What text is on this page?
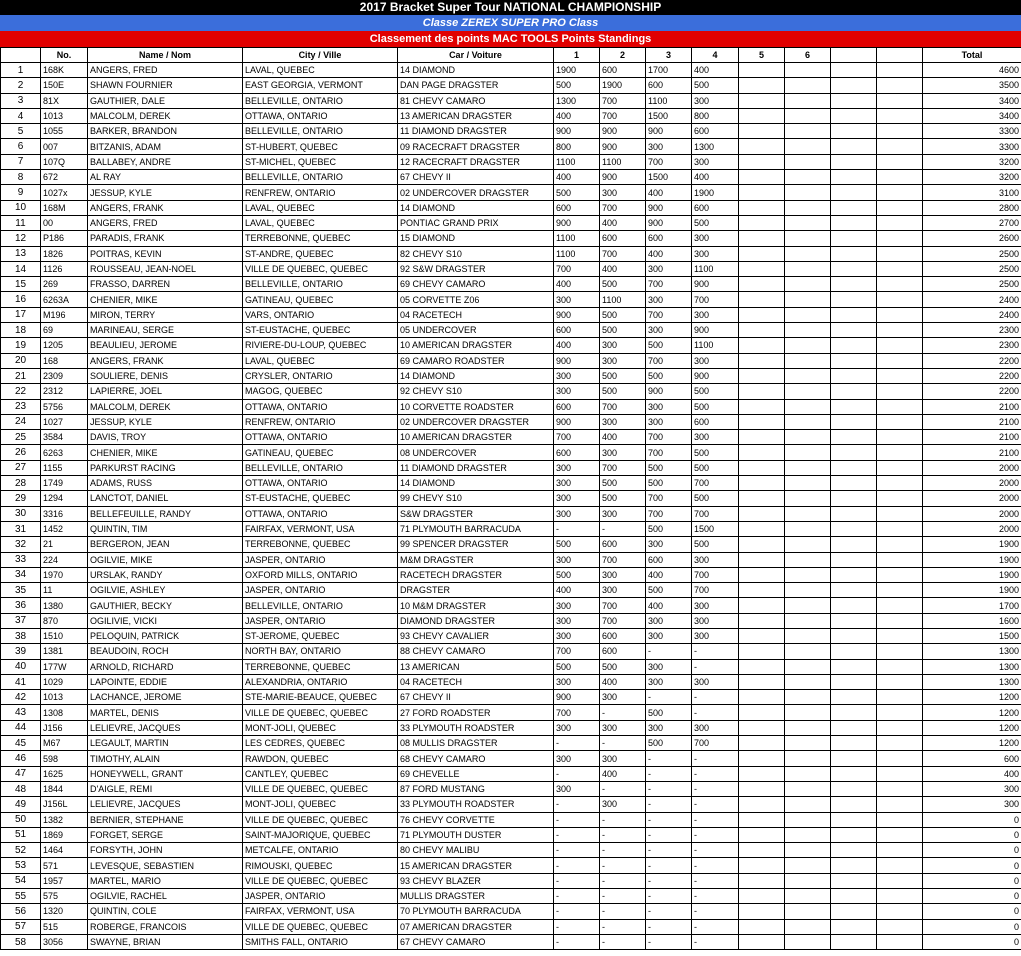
2017 Bracket Super Tour NATIONAL CHAMPIONSHIP
Classe ZEREX SUPER PRO Class
Classement des points MAC TOOLS Points Standings
	No.	Name / Nom	City / Ville	Car / Voiture	1	2	3	4	5	6			Total
1	168K	ANGERS, FRED	LAVAL, QUEBEC	14 DIAMOND	1900	600	1700	400					4600
2	150E	SHAWN FOURNIER	EAST GEORGIA, VERMONT	DAN PAGE DRAGSTER	500	1900	600	500					3500
3	81X	GAUTHIER, DALE	BELLEVILLE, ONTARIO	81 CHEVY CAMARO	1300	700	1100	300					3400
4	1013	MALCOLM, DEREK	OTTAWA, ONTARIO	13 AMERICAN DRAGSTER	400	700	1500	800					3400
5	1055	BARKER, BRANDON	BELLEVILLE, ONTARIO	11 DIAMOND DRAGSTER	900	900	900	600					3300
6	007	BITZANIS, ADAM	ST-HUBERT, QUEBEC	09 RACECRAFT DRAGSTER	800	900	300	1300					3300
7	107Q	BALLABEY, ANDRE	ST-MICHEL, QUEBEC	12 RACECRAFT DRAGSTER	1100	1100	700	300					3200
8	672	AL RAY	BELLEVILLE, ONTARIO	67 CHEVY II	400	900	1500	400					3200
9	1027x	JESSUP, KYLE	RENFREW, ONTARIO	02 UNDERCOVER DRAGSTER	500	300	400	1900					3100
10	168M	ANGERS, FRANK	LAVAL, QUEBEC	14 DIAMOND	600	700	900	600					2800
11	00	ANGERS, FRED	LAVAL, QUEBEC	PONTIAC GRAND PRIX	900	400	900	500					2700
12	P186	PARADIS, FRANK	TERREBONNE, QUEBEC	15 DIAMOND	1100	600	600	300					2600
13	1826	POITRAS, KEVIN	ST-ANDRE, QUEBEC	82 CHEVY S10	1100	700	400	300					2500
14	1126	ROUSSEAU, JEAN-NOEL	VILLE DE QUEBEC, QUEBEC	92 S&W DRAGSTER	700	400	300	1100					2500
15	269	FRASSO, DARREN	BELLEVILLE, ONTARIO	69 CHEVY CAMARO	400	500	700	900					2500
16	6263A	CHENIER, MIKE	GATINEAU, QUEBEC	05 CORVETTE Z06	300	1100	300	700					2400
17	M196	MIRON, TERRY	VARS, ONTARIO	04 RACETECH	900	500	700	300					2400
18	69	MARINEAU, SERGE	ST-EUSTACHE, QUEBEC	05 UNDERCOVER	600	500	300	900					2300
19	1205	BEAULIEU, JEROME	RIVIERE-DU-LOUP, QUEBEC	10 AMERICAN DRAGSTER	400	300	500	1100					2300
20	168	ANGERS, FRANK	LAVAL, QUEBEC	69 CAMARO ROADSTER	900	300	700	300					2200
21	2309	SOULIERE, DENIS	CRYSLER, ONTARIO	14 DIAMOND	300	500	500	900					2200
22	2312	LAPIERRE, JOEL	MAGOG, QUEBEC	92 CHEVY S10	300	500	900	500					2200
23	5756	MALCOLM, DEREK	OTTAWA, ONTARIO	10 CORVETTE ROADSTER	600	700	300	500					2100
24	1027	JESSUP, KYLE	RENFREW, ONTARIO	02 UNDERCOVER DRAGSTER	900	300	300	600					2100
25	3584	DAVIS, TROY	OTTAWA, ONTARIO	10 AMERICAN DRAGSTER	700	400	700	300					2100
26	6263	CHENIER, MIKE	GATINEAU, QUEBEC	08 UNDERCOVER	600	300	700	500					2100
27	1155	PARKURST RACING	BELLEVILLE, ONTARIO	11 DIAMOND DRAGSTER	300	700	500	500					2000
28	1749	ADAMS, RUSS	OTTAWA, ONTARIO	14 DIAMOND	300	500	500	700					2000
29	1294	LANCTOT, DANIEL	ST-EUSTACHE, QUEBEC	99 CHEVY S10	300	500	700	500					2000
30	3316	BELLEFEUILLE, RANDY	OTTAWA, ONTARIO	S&W DRAGSTER	300	300	700	700					2000
31	1452	QUINTIN, TIM	FAIRFAX, VERMONT, USA	71 PLYMOUTH BARRACUDA	-	-	500	1500					2000
32	21	BERGERON, JEAN	TERREBONNE, QUEBEC	99 SPENCER DRAGSTER	500	600	300	500					1900
33	224	OGILVIE, MIKE	JASPER, ONTARIO	M&M DRAGSTER	300	700	600	300					1900
34	1970	URSLAK, RANDY	OXFORD MILLS, ONTARIO	RACETECH DRAGSTER	500	300	400	700					1900
35	11	OGILVIE, ASHLEY	JASPER, ONTARIO	DRAGSTER	400	300	500	700					1900
36	1380	GAUTHIER, BECKY	BELLEVILLE, ONTARIO	10 M&M DRAGSTER	300	700	400	300					1700
37	870	OGILIVIE, VICKI	JASPER, ONTARIO	DIAMOND DRAGSTER	300	700	300	300					1600
38	1510	PELOQUIN, PATRICK	ST-JEROME, QUEBEC	93 CHEVY CAVALIER	300	600	300	300					1500
39	1381	BEAUDOIN, ROCH	NORTH BAY, ONTARIO	88 CHEVY CAMARO	700	600	-	-					1300
40	177W	ARNOLD, RICHARD	TERREBONNE, QUEBEC	13 AMERICAN	500	500	300	-					1300
41	1029	LAPOINTE, EDDIE	ALEXANDRIA, ONTARIO	04 RACETECH	300	400	300	300					1300
42	1013	LACHANCE, JEROME	STE-MARIE-BEAUCE, QUEBEC	67 CHEVY II	900	300	-	-					1200
43	1308	MARTEL, DENIS	VILLE DE QUEBEC, QUEBEC	27 FORD ROADSTER	700	-	500	-					1200
44	J156	LELIEVRE, JACQUES	MONT-JOLI, QUEBEC	33 PLYMOUTH ROADSTER	300	300	300	300					1200
45	M67	LEGAULT, MARTIN	LES CEDRES, QUEBEC	08 MULLIS DRAGSTER	-	-	500	700					1200
46	598	TIMOTHY, ALAIN	RAWDON, QUEBEC	68 CHEVY CAMARO	300	300	-	-					600
47	1625	HONEYWELL, GRANT	CANTLEY, QUEBEC	69 CHEVELLE	-	400	-	-					400
48	1844	D'AIGLE, REMI	VILLE DE QUEBEC, QUEBEC	87 FORD MUSTANG	300	-	-	-					300
49	J156L	LELIEVRE, JACQUES	MONT-JOLI, QUEBEC	33 PLYMOUTH ROADSTER	-	300	-	-					300
50	1382	BERNIER, STEPHANE	VILLE DE QUEBEC, QUEBEC	76 CHEVY CORVETTE	-	-	-	-					0
51	1869	FORGET, SERGE	SAINT-MAJORIQUE, QUEBEC	71 PLYMOUTH DUSTER	-	-	-	-					0
52	1464	FORSYTH, JOHN	METCALFE, ONTARIO	80 CHEVY MALIBU	-	-	-	-					0
53	571	LEVESQUE, SEBASTIEN	RIMOUSKI, QUEBEC	15 AMERICAN DRAGSTER	-	-	-	-					0
54	1957	MARTEL, MARIO	VILLE DE QUEBEC, QUEBEC	93 CHEVY BLAZER	-	-	-	-					0
55	575	OGILVIE, RACHEL	JASPER, ONTARIO	MULLIS DRAGSTER	-	-	-	-					0
56	1320	QUINTIN, COLE	FAIRFAX, VERMONT, USA	70 PLYMOUTH BARRACUDA	-	-	-	-					0
57	515	ROBERGE, FRANCOIS	VILLE DE QUEBEC, QUEBEC	07 AMERICAN DRAGSTER	-	-	-	-					0
58	3056	SWAYNE, BRIAN	SMITHS FALL, ONTARIO	67 CHEVY CAMARO	-	-	-	-					0
